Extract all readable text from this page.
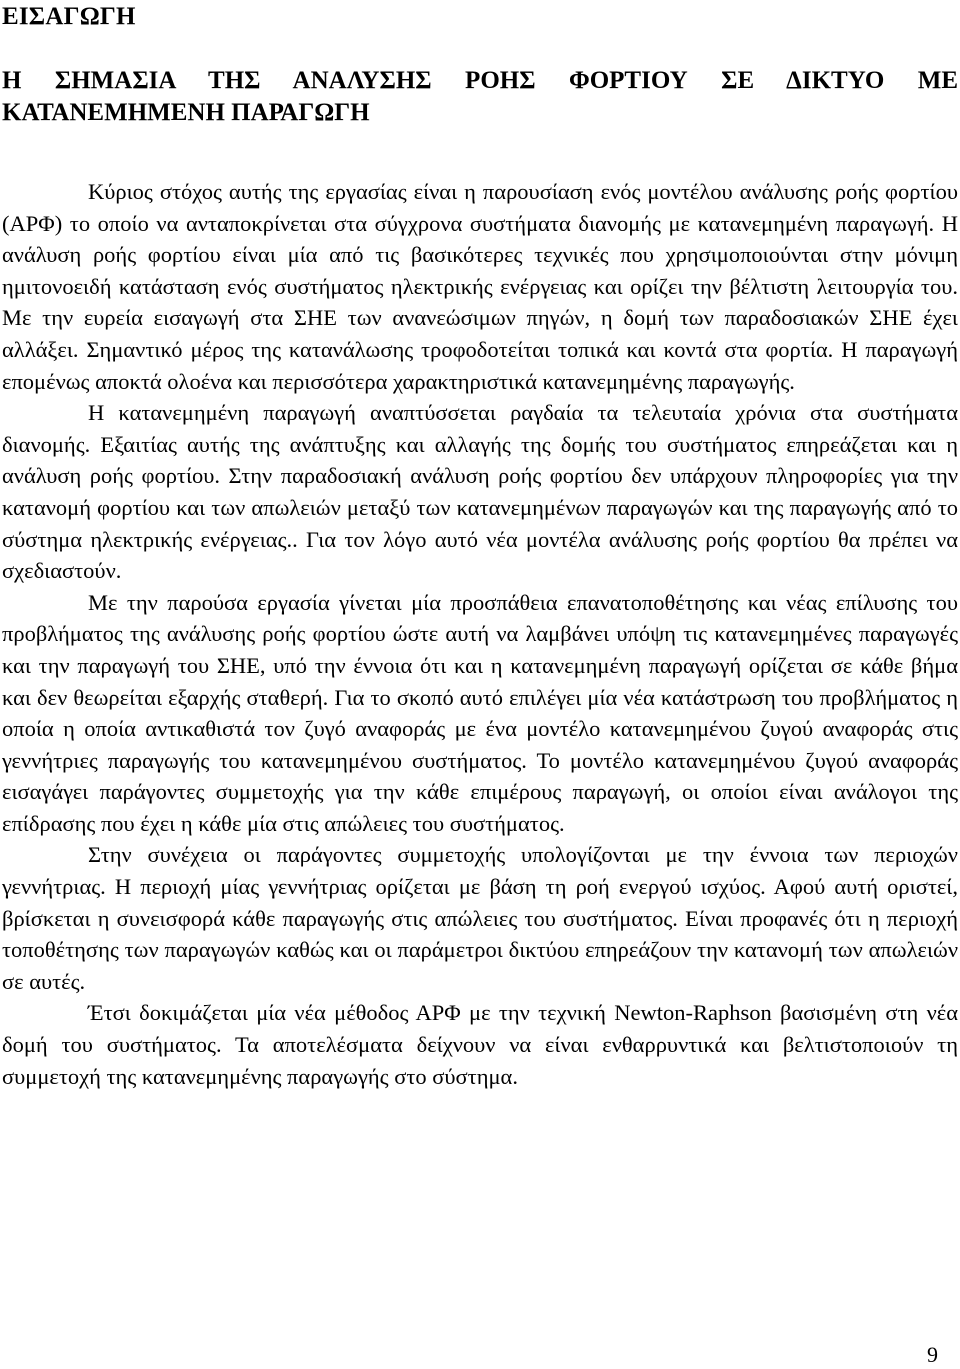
ΕΙΣΑΓΩΓΗ
Η ΣΗΜΑΣΙΑ ΤΗΣ ΑΝΑΛΥΣΗΣ ΡΟΗΣ ΦΟΡΤΙΟΥ ΣΕ ΔΙΚΤΥΟ ΜΕ ΚΑΤΑΝΕΜΗΜΕΝΗ ΠΑΡΑΓΩΓΗ

Κύριος στόχος αυτής της εργασίας είναι η παρουσίαση ενός μοντέλου ανάλυσης ροής φορτίου (ΑΡΦ) το οποίο να ανταποκρίνεται στα σύγχρονα συστήματα διανομής με κατανεμημένη παραγωγή. Η ανάλυση ροής φορτίου είναι μία από τις βασικότερες τεχνικές που χρησιμοποιούνται στην μόνιμη ημιτονοειδή κατάσταση ενός συστήματος ηλεκτρικής ενέργειας και ορίζει την βέλτιστη λειτουργία του. Με την ευρεία εισαγωγή στα ΣΗΕ των ανανεώσιμων πηγών, η δομή των παραδοσιακών ΣΗΕ έχει αλλάξει. Σημαντικό μέρος της κατανάλωσης τροφοδοτείται τοπικά και κοντά στα φορτία. Η παραγωγή επομένως αποκτά ολοένα και περισσότερα χαρακτηριστικά κατανεμημένης παραγωγής.

Η κατανεμημένη παραγωγή αναπτύσσεται ραγδαία τα τελευταία χρόνια στα συστήματα διανομής. Εξαιτίας αυτής της ανάπτυξης και αλλαγής της δομής του συστήματος επηρεάζεται και η ανάλυση ροής φορτίου. Στην παραδοσιακή ανάλυση ροής φορτίου δεν υπάρχουν πληροφορίες για την κατανομή φορτίου και των απωλειών μεταξύ των κατανεμημένων παραγωγών και της παραγωγής από το σύστημα ηλεκτρικής ενέργειας.. Για τον λόγο αυτό νέα μοντέλα ανάλυσης ροής φορτίου θα πρέπει να σχεδιαστούν.

Με την παρούσα εργασία γίνεται μία προσπάθεια επανατοποθέτησης και νέας επίλυσης του προβλήματος της ανάλυσης ροής φορτίου ώστε αυτή να λαμβάνει υπόψη τις κατανεμημένες παραγωγές και την παραγωγή του ΣΗΕ, υπό την έννοια ότι και η κατανεμημένη παραγωγή ορίζεται σε κάθε βήμα και δεν θεωρείται εξαρχής σταθερή. Για το σκοπό αυτό επιλέγει μία νέα κατάστρωση του προβλήματος η οποία η οποία αντικαθιστά τον ζυγό αναφοράς με ένα μοντέλο κατανεμημένου ζυγού αναφοράς στις γεννήτριες παραγωγής του κατανεμημένου συστήματος. Το μοντέλο κατανεμημένου ζυγού αναφοράς εισαγάγει παράγοντες συμμετοχής για την κάθε επιμέρους παραγωγή, οι οποίοι είναι ανάλογοι της επίδρασης που έχει η κάθε μία στις απώλειες του συστήματος.

Στην συνέχεια οι παράγοντες συμμετοχής υπολογίζονται με την έννοια των περιοχών γεννήτριας. Η περιοχή μίας γεννήτριας ορίζεται με βάση τη ροή ενεργού ισχύος. Αφού αυτή οριστεί, βρίσκεται η συνεισφορά κάθε παραγωγής στις απώλειες του συστήματος. Είναι προφανές ότι η περιοχή τοποθέτησης των παραγωγών καθώς και οι παράμετροι δικτύου επηρεάζουν την κατανομή των απωλειών σε αυτές.

Έτσι δοκιμάζεται μία νέα μέθοδος ΑΡΦ με την τεχνική Newton-Raphson βασισμένη στη νέα δομή του συστήματος. Τα αποτελέσματα δείχνουν να είναι ενθαρρυντικά και βελτιστοποιούν τη συμμετοχή της κατανεμημένης παραγωγής στο σύστημα.

9
